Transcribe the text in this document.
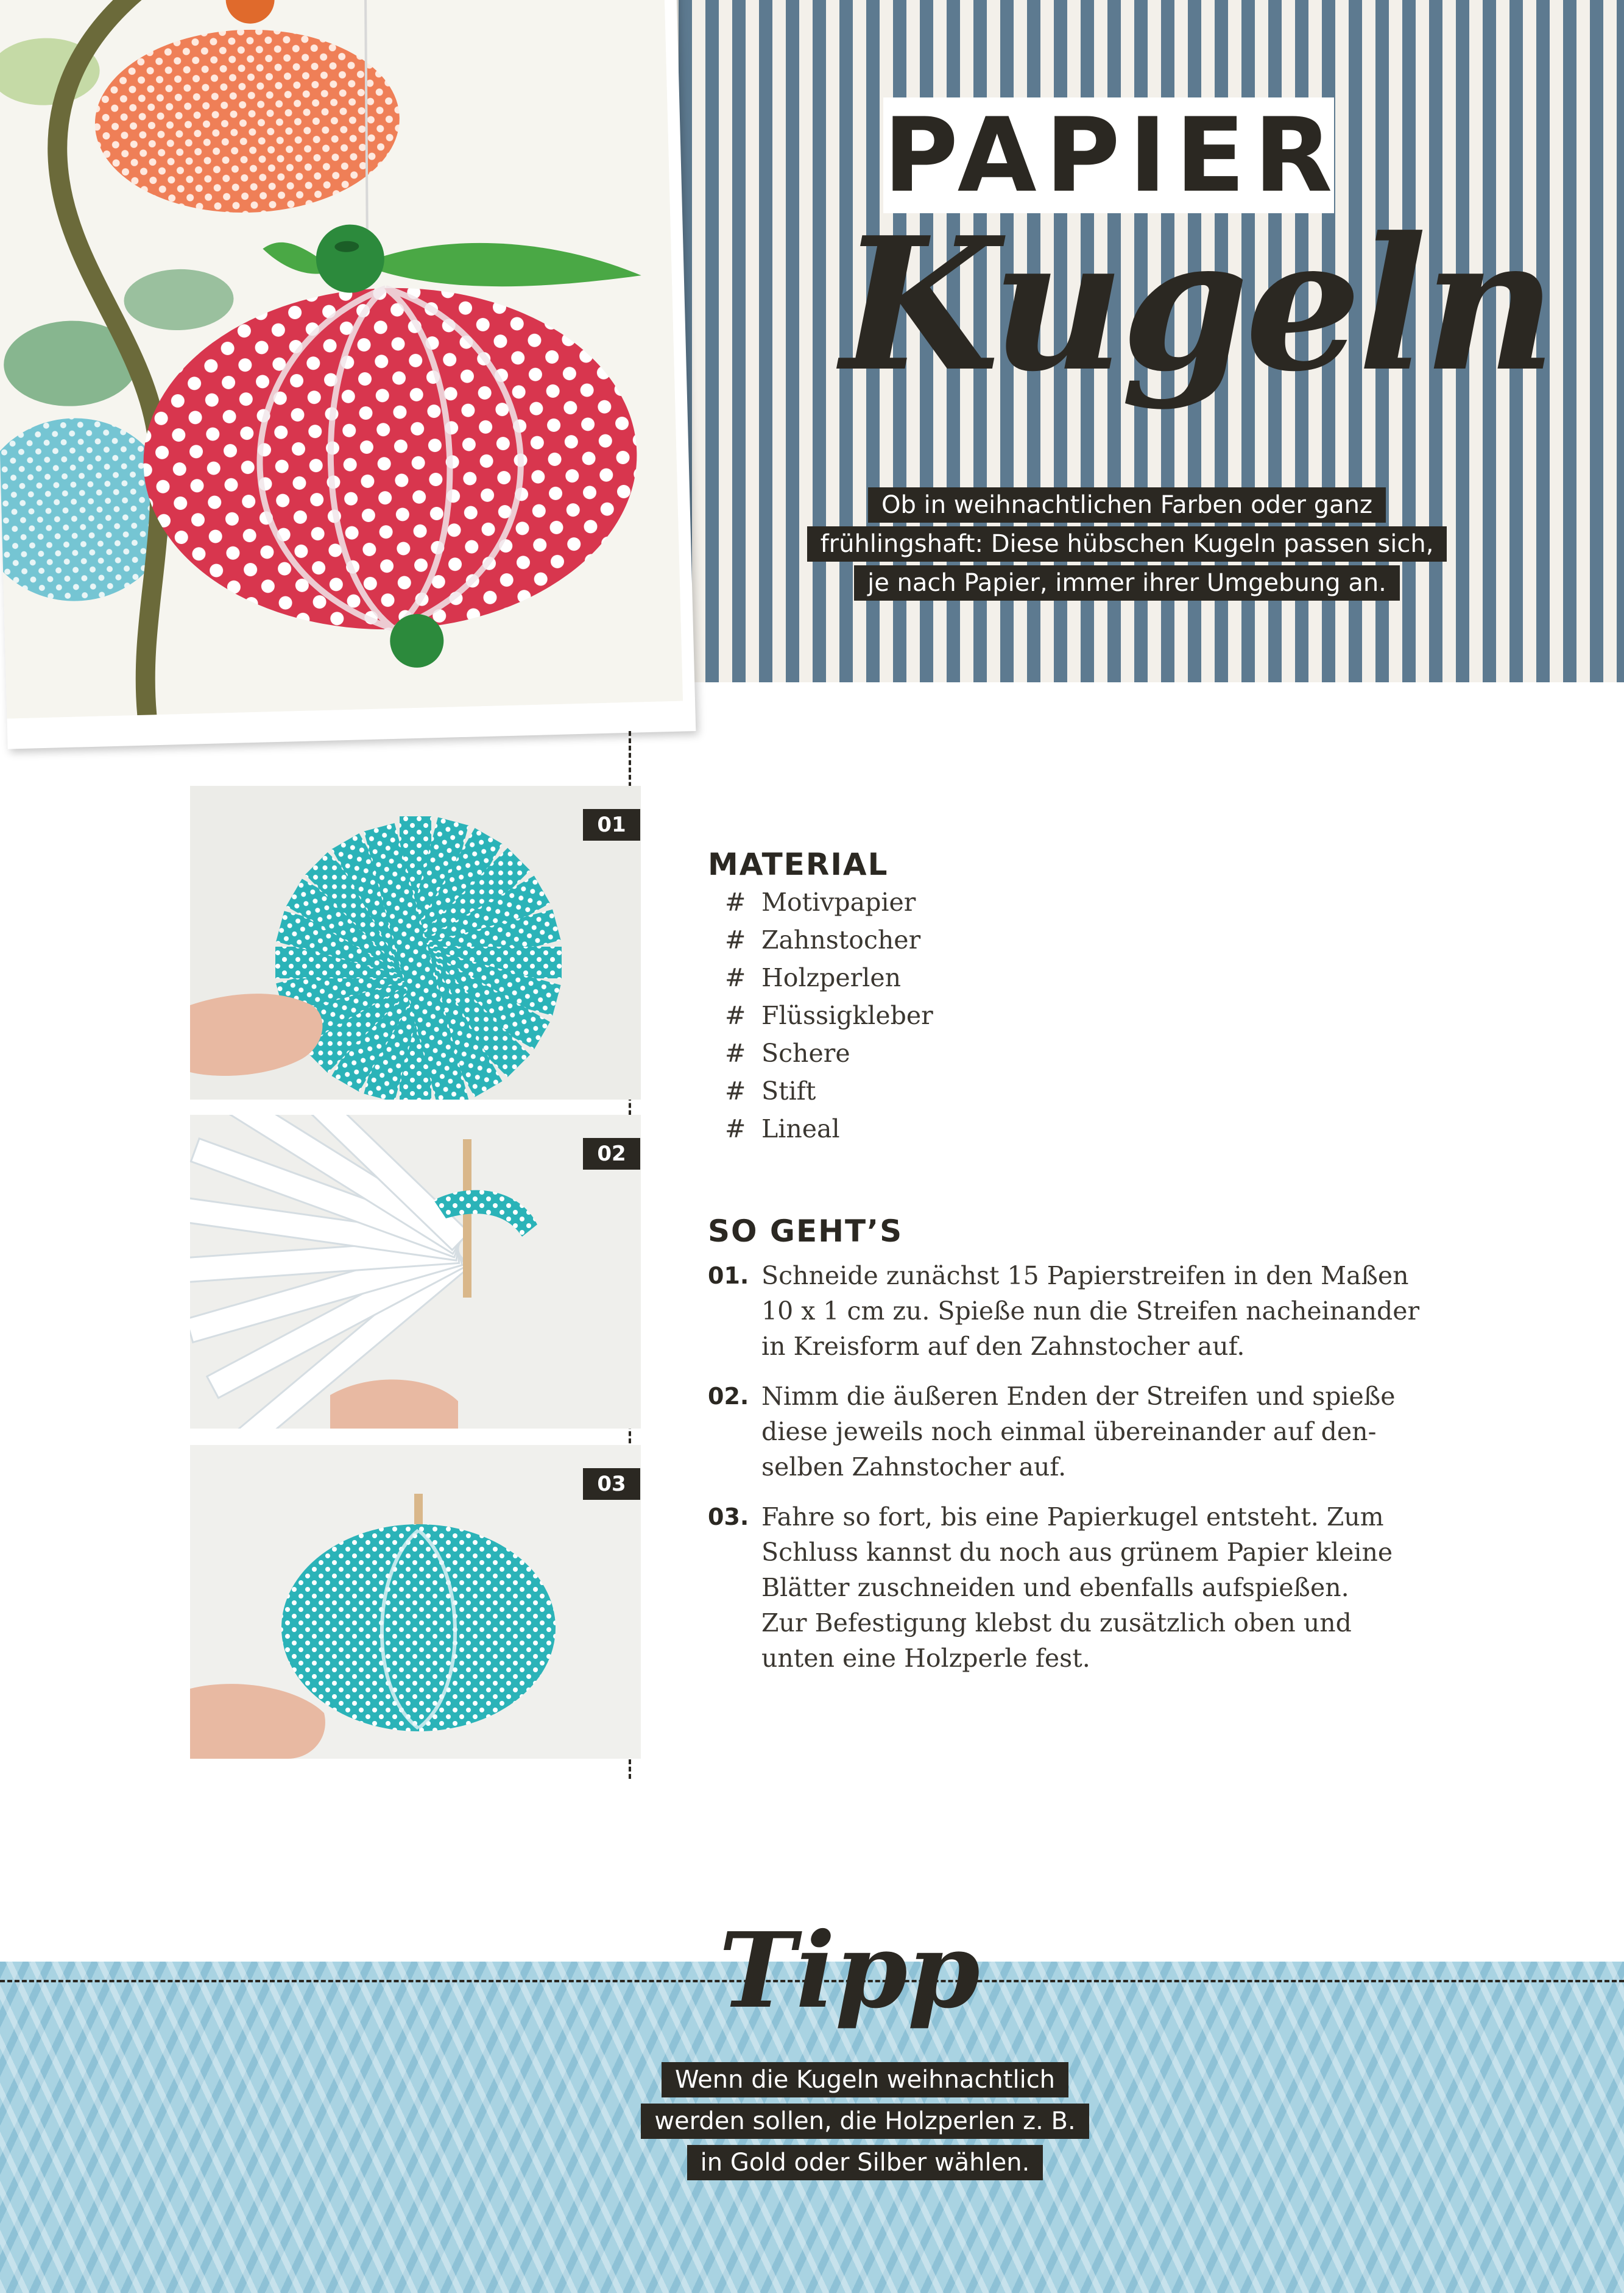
PAPIER
Kugeln
Ob in weihnachtlichen Farben oder ganz
frühlingshaft: Diese hübschen Kugeln passen sich,
je nach Papier, immer ihrer Umgebung an.
01
02
03
MATERIAL
# Motivpapier
# Zahnstocher
# Holzperlen
# Flüssigkleber
# Schere
# Stift
# Lineal
SO GEHT’S
01. Schneide zunächst 15 Papierstreifen in den Maßen
10 x 1 cm zu. Spieße nun die Streifen nacheinander
in Kreisform auf den Zahnstocher auf.
02. Nimm die äußeren Enden der Streifen und spieße
diese jeweils noch einmal übereinander auf den-
selben Zahnstocher auf.
03. Fahre so fort, bis eine Papierkugel entsteht. Zum
Schluss kannst du noch aus grünem Papier kleine
Blätter zuschneiden und ebenfalls aufspießen.
Zur Befestigung klebst du zusätzlich oben und
unten eine Holzperle fest.
Tipp
Wenn die Kugeln weihnachtlich
werden sollen, die Holzperlen z. B.
in Gold oder Silber wählen.
